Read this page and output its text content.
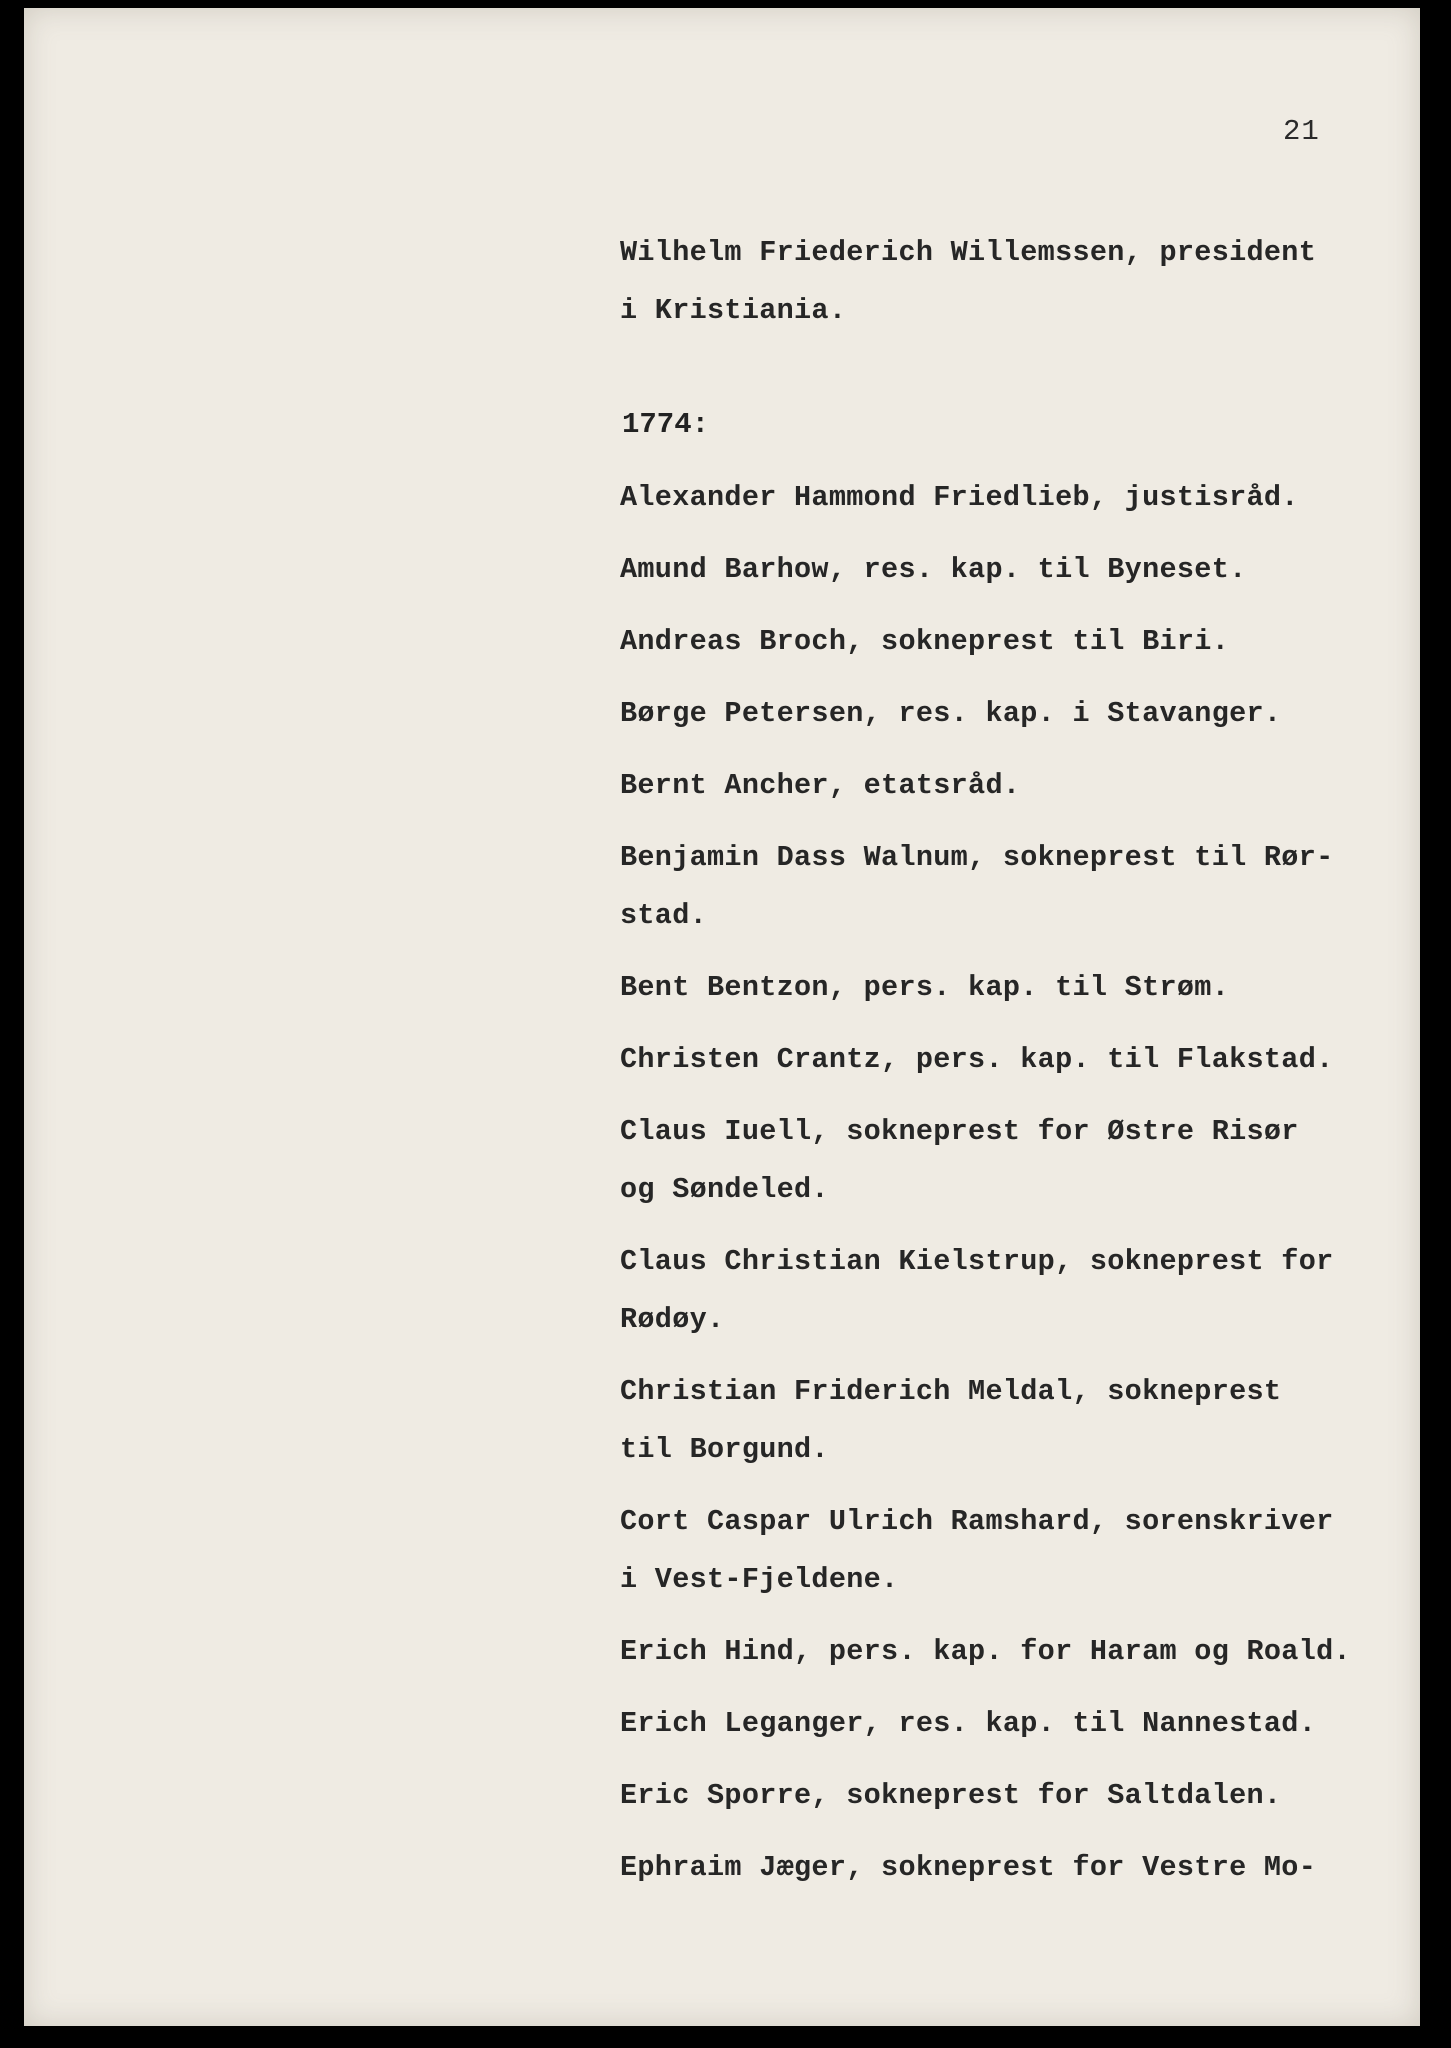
21
Wilhelm Friederich Willemssen, president
i Kristiania.
1774:
Alexander Hammond Friedlieb, justisråd.
Amund Barhow, res. kap. til Byneset.
Andreas Broch, sokneprest til Biri.
Børge Petersen, res. kap. i Stavanger.
Bernt Ancher, etatsråd.
Benjamin Dass Walnum, sokneprest til Rør-
stad.
Bent Bentzon, pers. kap. til Strøm.
Christen Crantz, pers. kap. til Flakstad.
Claus Iuell, sokneprest for Østre Risør
og Søndeled.
Claus Christian Kielstrup, sokneprest for
Rødøy.
Christian Friderich Meldal, sokneprest
til Borgund.
Cort Caspar Ulrich Ramshard, sorenskriver
i Vest-Fjeldene.
Erich Hind, pers. kap. for Haram og Roald.
Erich Leganger, res. kap. til Nannestad.
Eric Sporre, sokneprest for Saltdalen.
Ephraim Jæger, sokneprest for Vestre Mo-
